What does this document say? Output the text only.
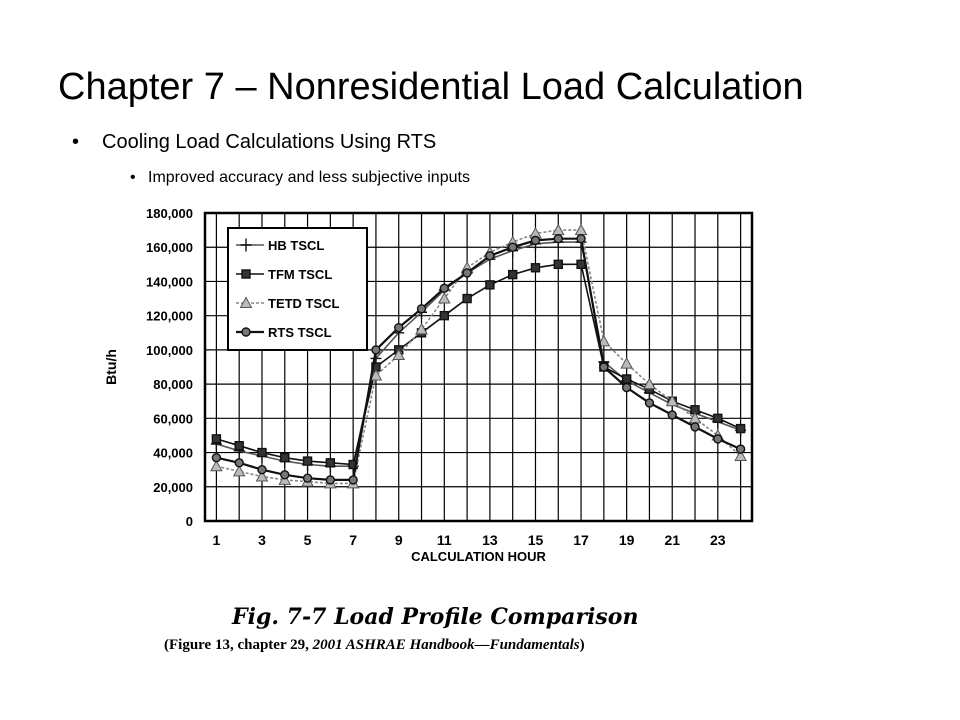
Chapter 7 – Nonresidential Load Calculation
• Cooling Load Calculations Using RTS
• Improved accuracy and less subjective inputs
0
20,000
40,000
60,000
80,000
100,000
120,000
140,000
160,000
180,000
1	3	5	7	9 11 13 15 17 19 21 23
CALCULATION HOUR
Btu/h
HB TSCL
TFM TSCL
TETD TSCL
RTS TSCL
Fig. 7-7 Load Profile Comparison
(Figure 13, chapter 29, 2001 ASHRAE Handbook—Fundamentals)
